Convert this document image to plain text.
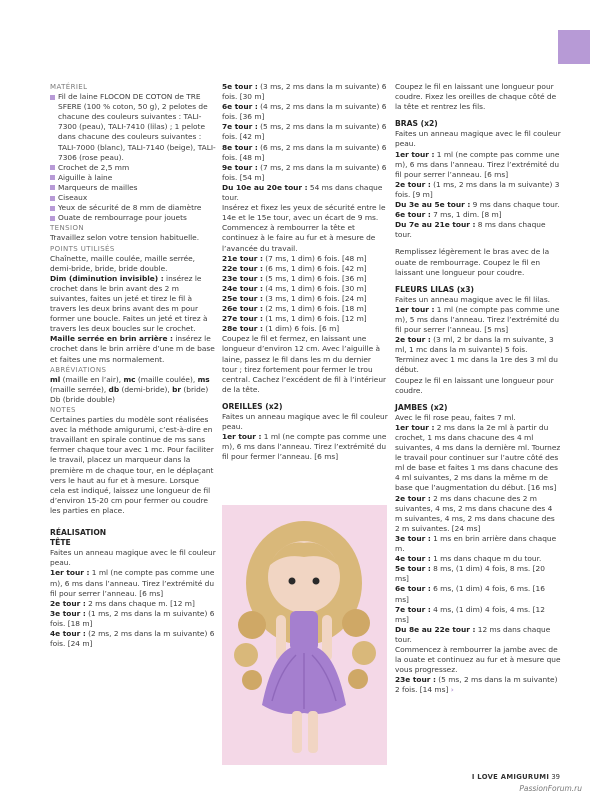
MATÉRIEL

Fil de laine FLOCON DE COTON de TRE SFERE (100 % coton, 50 g), 2 pelotes de chacune des couleurs suivantes : TALI-7300 (peau), TALI-7410 (lilas) ; 1 pelote dans chacune des couleurs suivantes : TALI-7000 (blanc), TALI-7140 (beige), TALI-7306 (rose peau).
Crochet de 2,5 mm
Aiguille à laine
Marqueurs de mailles
Ciseaux
Yeux de sécurité de 8 mm de diamètre
Ouate de rembourrage pour jouets

TENSION

Travaillez selon votre tension habituelle.

POINTS UTILISÉS

Chaînette, maille coulée, maille serrée, demi-bride, bride, bride double.

Dim (diminution invisible) : insérez le crochet dans le brin avant des 2 m suivantes, faites un jeté et tirez le fil à travers les deux brins avant des m pour former une boucle. Faites un jeté et tirez à travers les deux boucles sur le crochet.

Maille serrée en brin arrière : insérez le crochet dans le brin arrière d’une m de base et faites une ms normalement.

ABRÉVIATIONS

ml (maille en l’air), mc (maille coulée), ms (maille serrée), db (demi-bride), br (bride) Db (bride double)

NOTES

Certaines parties du modèle sont réalisées avec la méthode amigurumi, c’est-à-dire en travaillant en spirale continue de ms sans fermer chaque tour avec 1 mc. Pour faciliter le travail, placez un marqueur dans la première m de chaque tour, en le déplaçant vers le haut au fur et à mesure. Lorsque cela est indiqué, laissez une longueur de fil d’environ 15-20 cm pour fermer ou coudre les parties en place.

RÉALISATION

TÊTE

Faites un anneau magique avec le fil couleur peau.

1er tour : 1 ml (ne compte pas comme une m), 6 ms dans l’anneau. Tirez l’extrémité du fil pour serrer l’anneau. [6 ms]

2e tour : 2 ms dans chaque m. [12 m]

3e tour : (1 ms, 2 ms dans la m suivante) 6 fois. [18 m]

4e tour : (2 ms, 2 ms dans la m suivante) 6 fois. [24 m]

5e tour : (3 ms, 2 ms dans la m suivante) 6 fois. [30 m]

6e tour : (4 ms, 2 ms dans la m suivante) 6 fois. [36 m]

7e tour : (5 ms, 2 ms dans la m suivante) 6 fois. [42 m]

8e tour : (6 ms, 2 ms dans la m suivante) 6 fois. [48 m]

9e tour : (7 ms, 2 ms dans la m suivante) 6 fois. [54 m]

Du 10e au 20e tour : 54 ms dans chaque tour.

Insérez et fixez les yeux de sécurité entre le 14e et le 15e tour, avec un écart de 9 ms. Commencez à rembourrer la tête et continuez à le faire au fur et à mesure de l’avancée du travail.

21e tour : (7 ms, 1 dim) 6 fois. [48 m]

22e tour : (6 ms, 1 dim) 6 fois. [42 m]

23e tour : (5 ms, 1 dim) 6 fois. [36 m]

24e tour : (4 ms, 1 dim) 6 fois. [30 m]

25e tour : (3 ms, 1 dim) 6 fois. [24 m]

26e tour : (2 ms, 1 dim) 6 fois. [18 m]

27e tour : (1 ms, 1 dim) 6 fois. [12 m]

28e tour : (1 dim) 6 fois. [6 m]

Coupez le fil et fermez, en laissant une longueur d’environ 12 cm. Avec l’aiguille à laine, passez le fil dans les m du dernier tour ; tirez fortement pour fermer le trou central. Cachez l’excédent de fil à l’intérieur de la tête.

OREILLES (x2)

Faites un anneau magique avec le fil couleur peau.

1er tour : 1 ml (ne compte pas comme une m), 6 ms dans l’anneau. Tirez l’extrémité du fil pour fermer l’anneau. [6 ms]

Coupez le fil en laissant une longueur pour coudre. Fixez les oreilles de chaque côté de la tête et rentrez les fils.

BRAS (x2)

Faites un anneau magique avec le fil couleur peau.

1er tour : 1 ml (ne compte pas comme une m), 6 ms dans l’anneau. Tirez l’extrémité du fil pour serrer l’anneau. [6 ms]

2e tour : (1 ms, 2 ms dans la m suivante) 3 fois. [9 m]

Du 3e au 5e tour : 9 ms dans chaque tour.

6e tour : 7 ms, 1 dim. [8 m]

Du 7e au 21e tour : 8 ms dans chaque tour.

Remplissez légèrement le bras avec de la ouate de rembourrage. Coupez le fil en laissant une longueur pour coudre.

FLEURS LILAS (x3)

Faites un anneau magique avec le fil lilas.

1er tour : 1 ml (ne compte pas comme une m), 5 ms dans l’anneau. Tirez l’extrémité du fil pour serrer l’anneau. [5 ms]

2e tour : (3 ml, 2 br dans la m suivante, 3 ml, 1 mc dans la m suivante) 5 fois. Terminez avec 1 mc dans la 1re des 3 ml du début.

Coupez le fil en laissant une longueur pour coudre.

JAMBES (x2)

Avec le fil rose peau, faites 7 ml.

1er tour : 2 ms dans la 2e ml à partir du crochet, 1 ms dans chacune des 4 ml suivantes, 4 ms dans la dernière ml. Tournez le travail pour continuer sur l’autre côté des ml de base et faites 1 ms dans chacune des 4 ml suivantes, 2 ms dans la même m de base que l’augmentation du début. [16 ms]

2e tour : 2 ms dans chacune des 2 m suivantes, 4 ms, 2 ms dans chacune des 4 m suivantes, 4 ms, 2 ms dans chacune des 2 m suivantes. [24 ms]

3e tour : 1 ms en brin arrière dans chaque m.

4e tour : 1 ms dans chaque m du tour.

5e tour : 8 ms, (1 dim) 4 fois, 8 ms. [20 ms]

6e tour : 6 ms, (1 dim) 4 fois, 6 ms. [16 ms]

7e tour : 4 ms, (1 dim) 4 fois, 4 ms. [12 ms]

Du 8e au 22e tour : 12 ms dans chaque tour.

Commencez à rembourrer la jambe avec de la ouate et continuez au fur et à mesure que vous progressez.

23e tour : (5 ms, 2 ms dans la m suivante) 2 fois. [14 ms] ›

I LOVE AMIGURUMI 39
PassionForum.ru
